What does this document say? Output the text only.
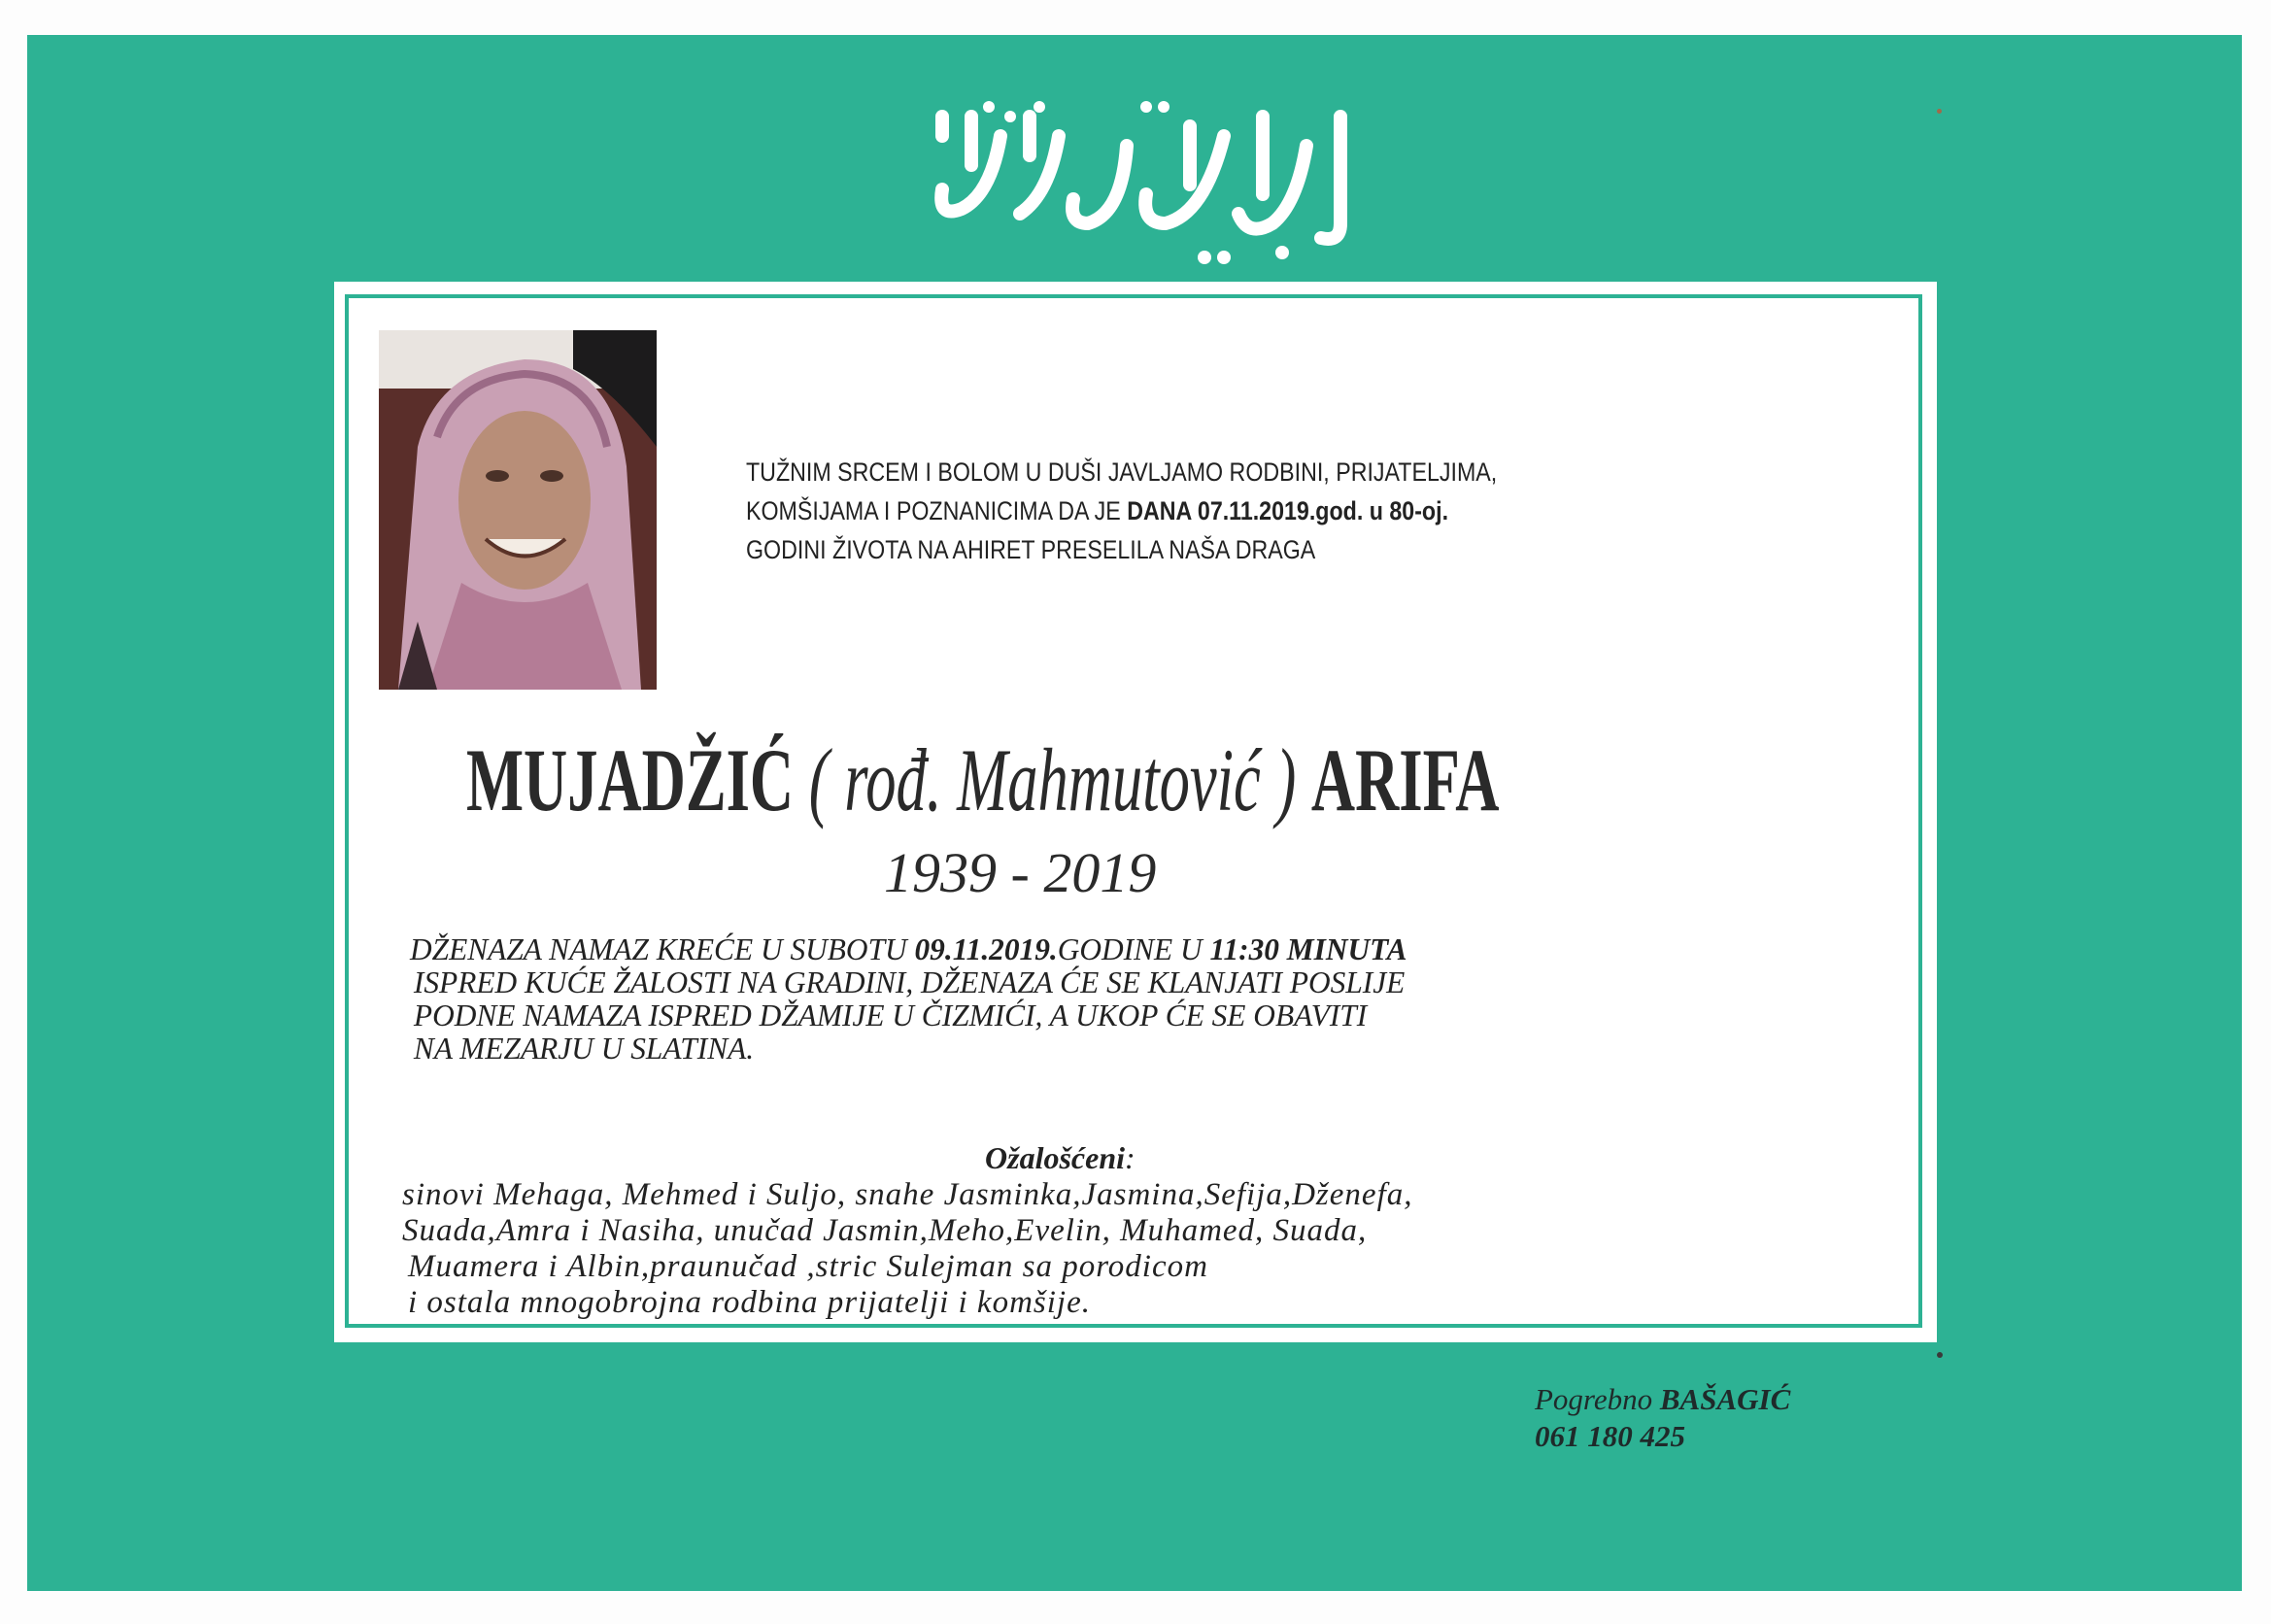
TUŽNIM SRCEM I BOLOM U DUŠI JAVLJAMO RODBINI, PRIJATELJIMA,
KOMŠIJAMA I POZNANICIMA DA JE DANA 07.11.2019.god. u 80-oj.
GODINI ŽIVOTA NA AHIRET PRESELILA NAŠA DRAGA
MUJADŽIĆ ( rođ. Mahmutović ) ARIFA
1939 - 2019
DŽENAZA NAMAZ KREĆE U SUBOTU 09.11.2019.GODINE U 11:30 MINUTA
ISPRED KUĆE ŽALOSTI NA GRADINI, DŽENAZA ĆE SE KLANJATI POSLIJE
PODNE NAMAZA ISPRED DŽAMIJE U ČIZMIĆI, A UKOP ĆE SE OBAVITI
NA MEZARJU U SLATINA.
Ožalošćeni:
sinovi Mehaga, Mehmed i Suljo, snahe Jasminka,Jasmina,Sefija,Dženefa,
Suada,Amra i Nasiha, unučad Jasmin,Meho,Evelin, Muhamed, Suada,
Muamera i Albin,praunučad ,stric Sulejman sa porodicom
i ostala mnogobrojna rodbina prijatelji i komšije.
Pogrebno BAŠAGIĆ
061 180 425
